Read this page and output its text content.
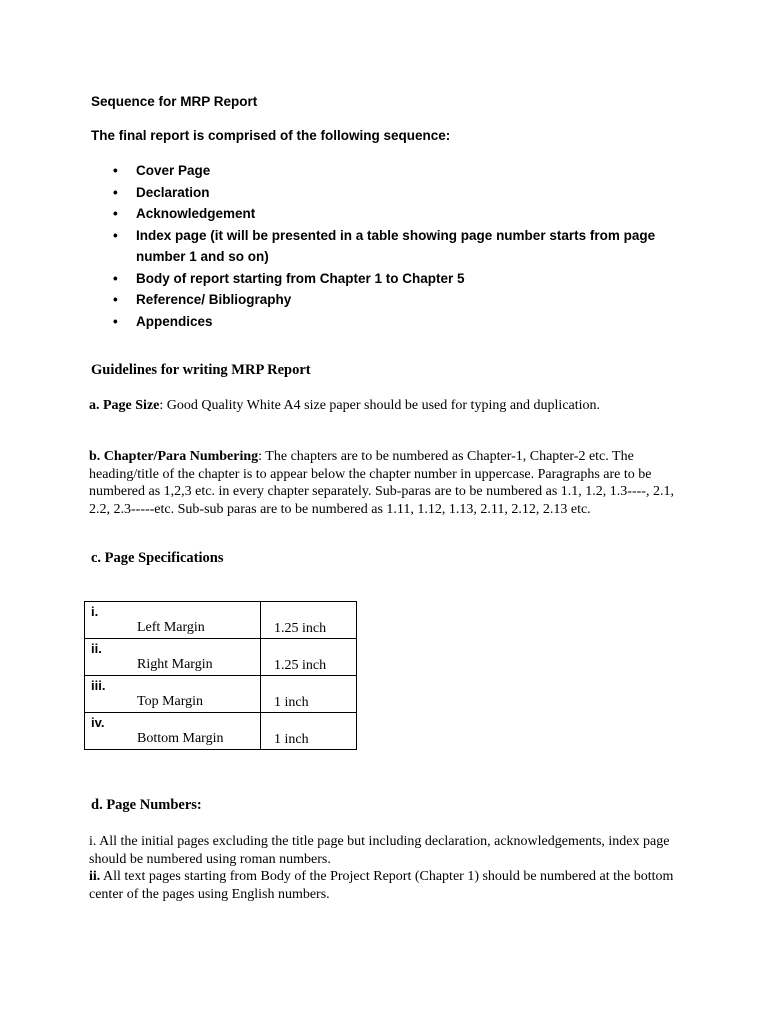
Sequence for MRP Report
The final report is comprised of the following sequence:
• Cover Page
• Declaration
• Acknowledgement
• Index page (it will be presented in a table showing page number starts from page number 1 and so on)
• Body of report starting from Chapter 1 to Chapter 5
• Reference/ Bibliography
• Appendices
Guidelines for writing MRP Report
a. Page Size: Good Quality White A4 size paper should be used for typing and duplication.
b. Chapter/Para Numbering: The chapters are to be numbered as Chapter-1, Chapter-2 etc. The heading/title of the chapter is to appear below the chapter number in uppercase. Paragraphs are to be numbered as 1,2,3 etc. in every chapter separately. Sub-paras are to be numbered as 1.1, 1.2, 1.3----, 2.1, 2.2, 2.3-----etc. Sub-sub paras are to be numbered as 1.11, 1.12, 1.13, 2.11, 2.12, 2.13 etc.
c. Page Specifications
i.
Left Margin	1.25 inch

ii.
Right Margin	1.25 inch

iii.
Top Margin	1 inch

iv.
Bottom Margin	1 inch
d. Page Numbers:
i. All the initial pages excluding the title page but including declaration, acknowledgements, index page should be numbered using roman numbers.
ii. All text pages starting from Body of the Project Report (Chapter 1) should be numbered at the bottom center of the pages using English numbers.
